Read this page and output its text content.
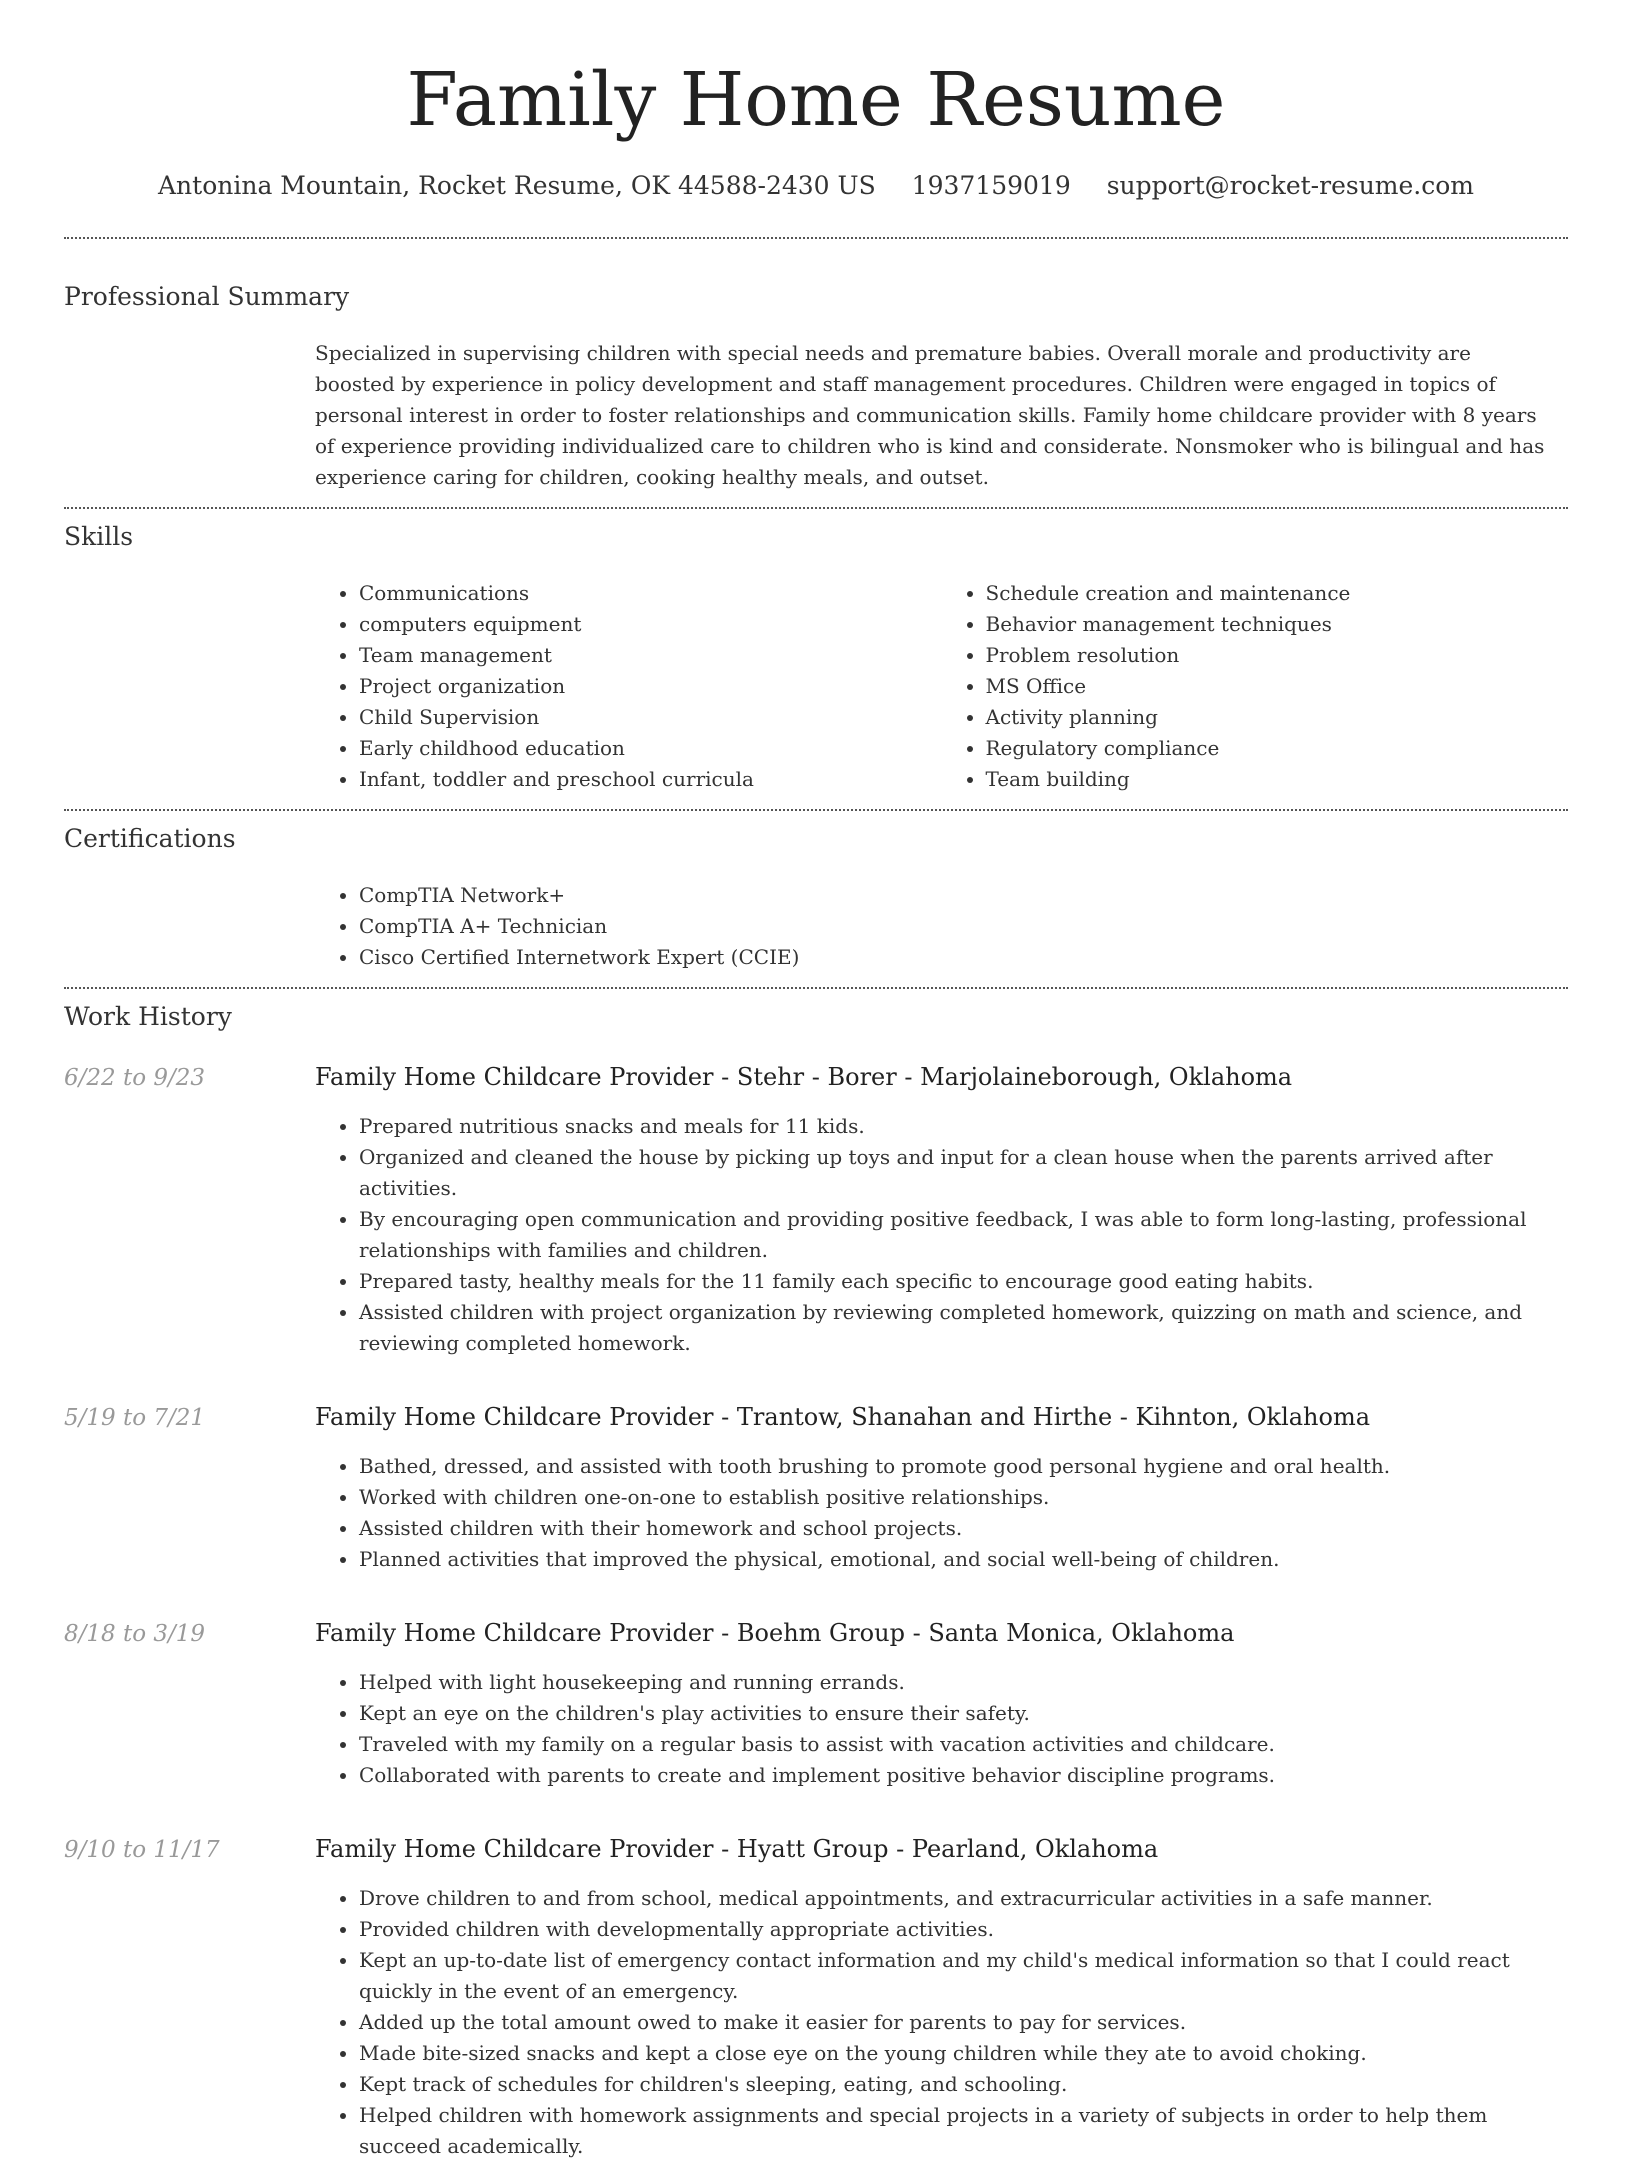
Family Home Resume
Antonina Mountain, Rocket Resume, OK 44588-2430 US 1937159019 support@rocket-resume.com
Professional Summary
Specialized in supervising children with special needs and premature babies. Overall morale and productivity are boosted by experience in policy development and staff management procedures. Children were engaged in topics of personal interest in order to foster relationships and communication skills. Family home childcare provider with 8 years of experience providing individualized care to children who is kind and considerate. Nonsmoker who is bilingual and has experience caring for children, cooking healthy meals, and outset.
Skills
• Communications
• computers equipment
• Team management
• Project organization
• Child Supervision
• Early childhood education
• Infant, toddler and preschool curricula
• Schedule creation and maintenance
• Behavior management techniques
• Problem resolution
• MS Office
• Activity planning
• Regulatory compliance
• Team building
Certifications
• CompTIA Network+
• CompTIA A+ Technician
• Cisco Certified Internetwork Expert (CCIE)
Work History
6/22 to 9/23	Family Home Childcare Provider - Stehr - Borer - Marjolaineborough, Oklahoma
• Prepared nutritious snacks and meals for 11 kids.
• Organized and cleaned the house by picking up toys and input for a clean house when the parents arrived after activities.
• By encouraging open communication and providing positive feedback, I was able to form long-lasting, professional relationships with families and children.
• Prepared tasty, healthy meals for the 11 family each specific to encourage good eating habits.
• Assisted children with project organization by reviewing completed homework, quizzing on math and science, and reviewing completed homework.
5/19 to 7/21	Family Home Childcare Provider - Trantow, Shanahan and Hirthe - Kihnton, Oklahoma
• Bathed, dressed, and assisted with tooth brushing to promote good personal hygiene and oral health.
• Worked with children one-on-one to establish positive relationships.
• Assisted children with their homework and school projects.
• Planned activities that improved the physical, emotional, and social well-being of children.
8/18 to 3/19	Family Home Childcare Provider - Boehm Group - Santa Monica, Oklahoma
• Helped with light housekeeping and running errands.
• Kept an eye on the children's play activities to ensure their safety.
• Traveled with my family on a regular basis to assist with vacation activities and childcare.
• Collaborated with parents to create and implement positive behavior discipline programs.
9/10 to 11/17	Family Home Childcare Provider - Hyatt Group - Pearland, Oklahoma
• Drove children to and from school, medical appointments, and extracurricular activities in a safe manner.
• Provided children with developmentally appropriate activities.
• Kept an up-to-date list of emergency contact information and my child's medical information so that I could react quickly in the event of an emergency.
• Added up the total amount owed to make it easier for parents to pay for services.
• Made bite-sized snacks and kept a close eye on the young children while they ate to avoid choking.
• Kept track of schedules for children's sleeping, eating, and schooling.
• Helped children with homework assignments and special projects in a variety of subjects in order to help them succeed academically.
